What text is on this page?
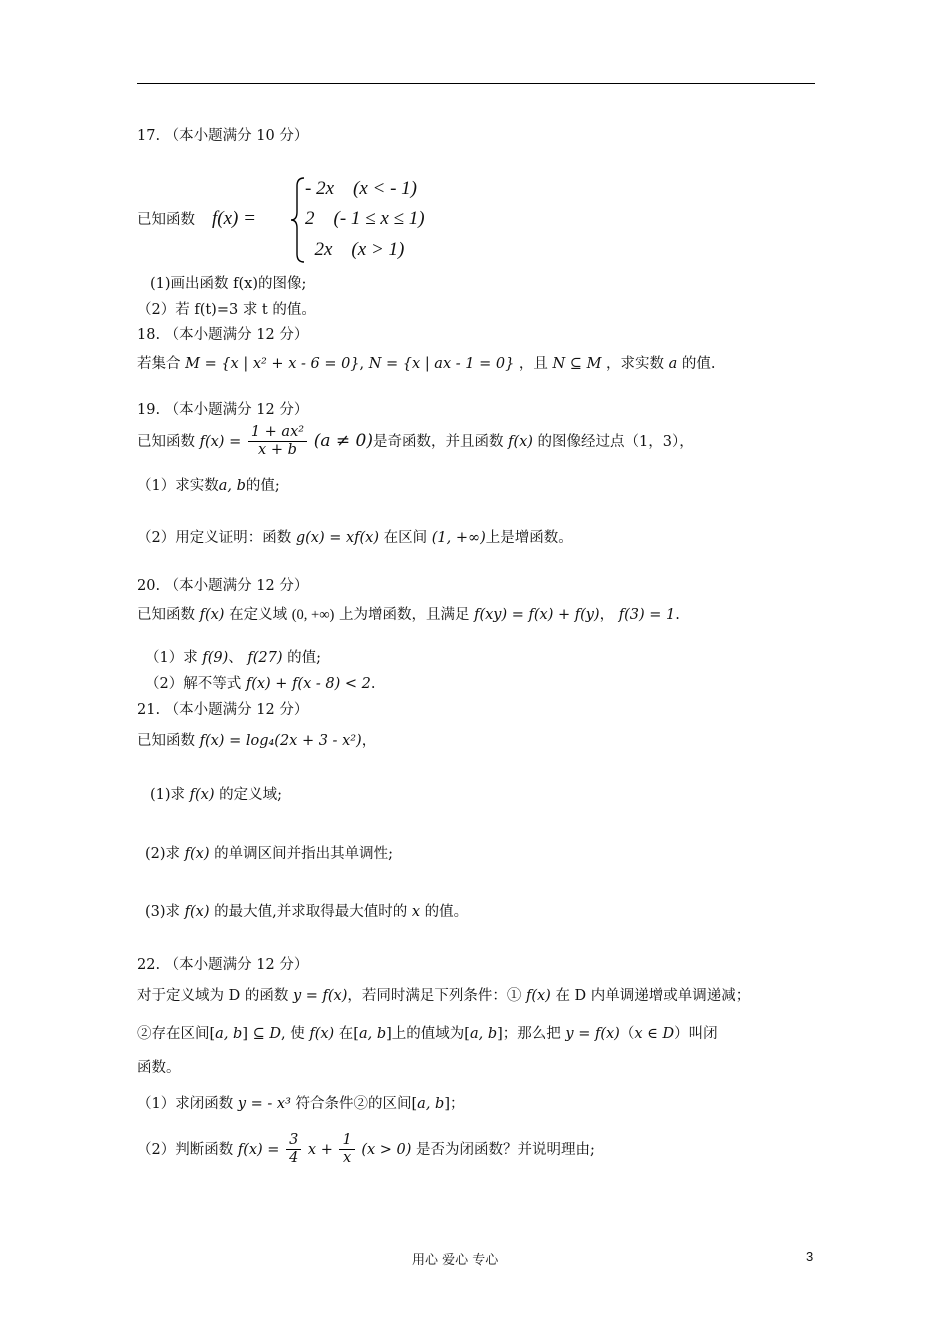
17. （本小题满分 10 分）
已知函数 f(x) =
- 2x    (x < - 1)
2    (- 1 ≤ x ≤ 1)
2x    (x > 1)
(1)画出函数 f(x)的图像;
（2）若 f(t)=3 求 t 的值。
18. （本小题满分 12 分）
若集合 M = {x | x² + x - 6 = 0}, N = {x | ax - 1 = 0} ，且 N ⊆ M ，求实数 a 的值.
19. （本小题满分 12 分）
已知函数 $f(x) = \frac{\text{1 + ax²}}{x + b} (a \ne 0)$是奇函数，并且函数 f(x) 的图像经过点（1，3），
（1）求实数a, b的值;
（2）用定义证明：函数 g(x) = xf(x) 在区间 (1, +∞)上是增函数。
20. （本小题满分 12 分）
已知函数 f(x) 在定义域 (0, +∞) 上为增函数，且满足 f(xy) = f(x) + f(y)， f(3) = 1.
（1）求 f(9)、 f(27) 的值;
（2）解不等式 f(x) + f(x - 8) < 2.
21. （本小题满分 12 分）
已知函数 f(x) = log₄(2x + 3 - x²)，
(1)求 f(x) 的定义域;
(2)求 f(x) 的单调区间并指出其单调性;
(3)求 f(x) 的最大值,并求取得最大值时的 x 的值。
22. （本小题满分 12 分）
对于定义域为 D 的函数 y = f(x)，若同时满足下列条件：① f(x) 在 D 内单调递增或单调递减；
②存在区间[a, b] ⊆ D, 使 f(x) 在[a, b]上的值域为[a, b]；那么把 y = f(x)（x ∈ D）叫闭
函数。
（1）求闭函数 y = - x³ 符合条件②的区间[a, b]；
（2）判断函数 $f(x) = \frac{3}{4}$ $x + \frac{1}{x} (x > 0)$ 是否为闭函数？并说明理由;
用心 爱心 专心	3
